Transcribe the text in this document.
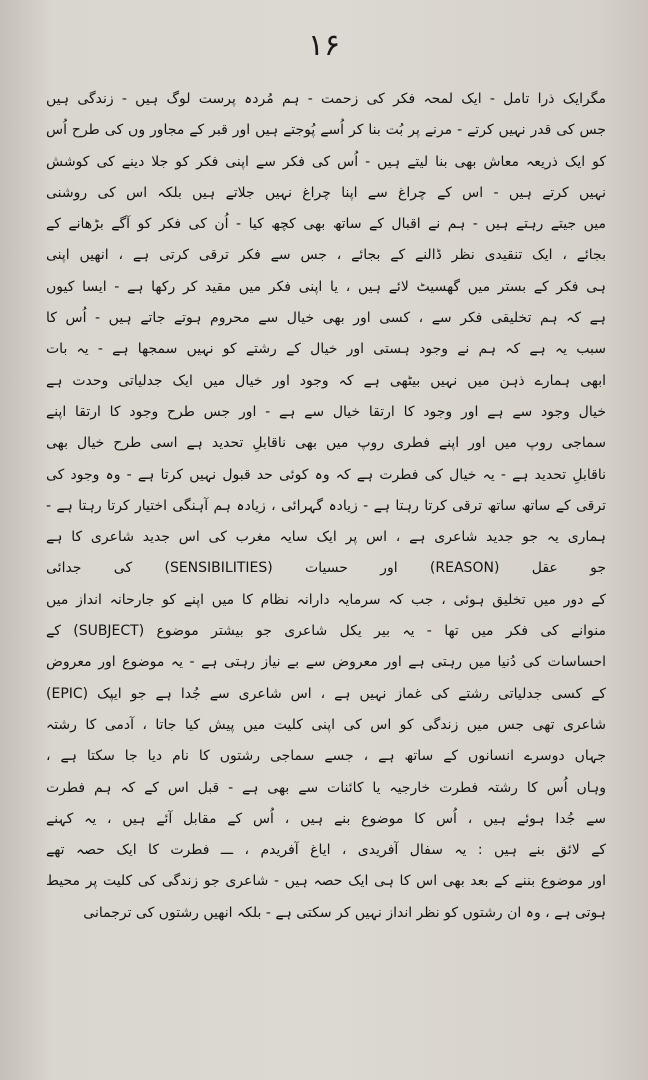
۱۶
مگرایک ذرا تامل - ایک لمحہ فکر کی زحمت - ہم مُردہ پرست لوگ ہیں - زندگی ہیں
جس کی قدر نہیں کرتے - مرنے پر بُت بنا کر اُسے پُوجتے ہیں اور قبر کے مجاور وں کی طرح اُس
کو ایک ذریعہ معاش بھی بنا لیتے ہیں - اُس کی فکر سے اپنی فکر کو جلا دینے کی کوشش
نہیں کرتے ہیں - اس کے چراغ سے اپنا چراغ نہیں جلاتے ہیں بلکہ اس کی روشنی
میں جیتے رہتے ہیں - ہم نے اقبال کے ساتھ بھی کچھ کیا - اُن کی فکر کو آگے بڑھانے کے
بجائے ، ایک تنقیدی نظر ڈالنے کے بجائے ، جس سے فکر ترقی کرتی ہے ، انھیں اپنی
ہی فکر کے بستر میں گھسیٹ لائے ہیں ، یا اپنی فکر میں مقید کر رکھا ہے - ایسا کیوں
ہے کہ ہم تخلیقی فکر سے ، کسی اور بھی خیال سے محروم ہوتے جاتے ہیں - اُس کا
سبب یہ ہے کہ ہم نے وجود ہستی اور خیال کے رشتے کو نہیں سمجھا ہے - یہ بات
ابھی ہمارے ذہن میں نہیں بیٹھی ہے کہ وجود اور خیال میں ایک جدلیاتی وحدت ہے
خیال وجود سے ہے اور وجود کا ارتقا خیال سے ہے - اور جس طرح وجود کا ارتقا اپنے
سماجی روپ میں اور اپنے فطری روپ میں بھی ناقابلِ تحدید ہے اسی طرح خیال بھی
ناقابلِ تحدید ہے - یہ خیال کی فطرت ہے کہ وہ کوئی حد قبول نہیں کرتا ہے - وہ وجود کی
ترقی کے ساتھ ساتھ ترقی کرتا رہتا ہے - زیادہ گہرائی ، زیادہ ہم آہنگی اختیار کرتا رہتا ہے -
ہماری یہ جو جدید شاعری ہے ، اس پر ایک سایہ مغرب کی اس جدید شاعری کا ہے
جو عقل (REASON) اور حسیات (SENSIBILITIES) کی جدائی
کے دور میں تخلیق ہوئی ، جب کہ سرمایہ دارانہ نظام کا میں اپنے کو جارحانہ انداز میں
منوانے کی فکر میں تھا - یہ بیر یکل شاعری جو بیشتر موضوع (SUBJECT) کے
احساسات کی دُنیا میں رہتی ہے اور معروض سے بے نیاز رہتی ہے - یہ موضوع اور معروض
کے کسی جدلیاتی رشتے کی غماز نہیں ہے ، اس شاعری سے جُدا ہے جو ایپک (EPIC)
شاعری تھی جس میں زندگی کو اس کی اپنی کلیت میں پیش کیا جاتا ، آدمی کا رشتہ
جہاں دوسرے انسانوں کے ساتھ ہے ، جسے سماجی رشتوں کا نام دیا جا سکتا ہے ،
وہاں اُس کا رشتہ فطرت خارجیہ یا کائنات سے بھی ہے - قبل اس کے کہ ہم فطرت
سے جُدا ہوئے ہیں ، اُس کا موضوع بنے ہیں ، اُس کے مقابل آئے ہیں ، یہ کہنے
کے لائق بنے ہیں : یہ سفال آفریدی ، ایاغ آفریدم ، ـــ فطرت کا ایک حصہ تھے
اور موضوع بننے کے بعد بھی اس کا ہی ایک حصہ ہیں - شاعری جو زندگی کی کلیت پر محیط
ہوتی ہے ، وہ ان رشتوں کو نظر انداز نہیں کر سکتی ہے - بلکہ انھیں رشتوں کی ترجمانی
